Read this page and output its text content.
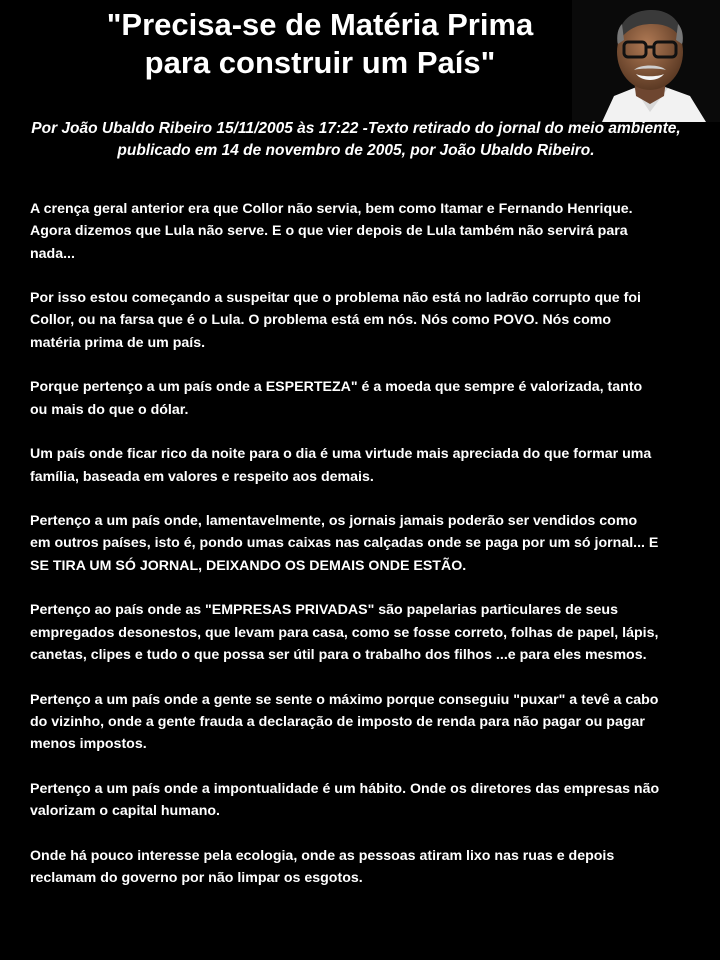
"Precisa-se de Matéria Prima
para construir um País"

Por João Ubaldo Ribeiro 15/11/2005 às 17:22 -Texto retirado do jornal do meio ambiente, publicado em 14 de novembro de 2005, por João Ubaldo Ribeiro.

A crença geral anterior era que Collor não servia, bem como Itamar e Fernando Henrique. Agora dizemos que Lula não serve. E o que vier depois de Lula também não servirá para nada...

Por isso estou começando a suspeitar que o problema não está no ladrão corrupto que foi Collor, ou na farsa que é o Lula. O problema está em nós. Nós como POVO. Nós como matéria prima de um país.

Porque pertenço a um país onde a ESPERTEZA" é a moeda que sempre é valorizada, tanto ou mais do que o dólar.

Um país onde ficar rico da noite para o dia é uma virtude mais apreciada do que formar uma família, baseada em valores e respeito aos demais.

Pertenço a um país onde, lamentavelmente, os jornais jamais poderão ser vendidos como em outros países, isto é, pondo umas caixas nas calçadas onde se paga por um só jornal... E SE TIRA UM SÓ JORNAL, DEIXANDO OS DEMAIS ONDE ESTÃO.

Pertenço ao país onde as "EMPRESAS PRIVADAS" são papelarias particulares de seus empregados desonestos, que levam para casa, como se fosse correto, folhas de papel, lápis, canetas, clipes e tudo o que possa ser útil para o trabalho dos filhos ...e para eles mesmos.

Pertenço a um país onde a gente se sente o máximo porque conseguiu "puxar" a tevê a cabo do vizinho, onde a gente frauda a declaração de imposto de renda para não pagar ou pagar menos impostos.

Pertenço a um país onde a impontualidade é um hábito. Onde os diretores das empresas não valorizam o capital humano.

Onde há pouco interesse pela ecologia, onde as pessoas atiram lixo nas ruas e depois reclamam do governo por não limpar os esgotos.
